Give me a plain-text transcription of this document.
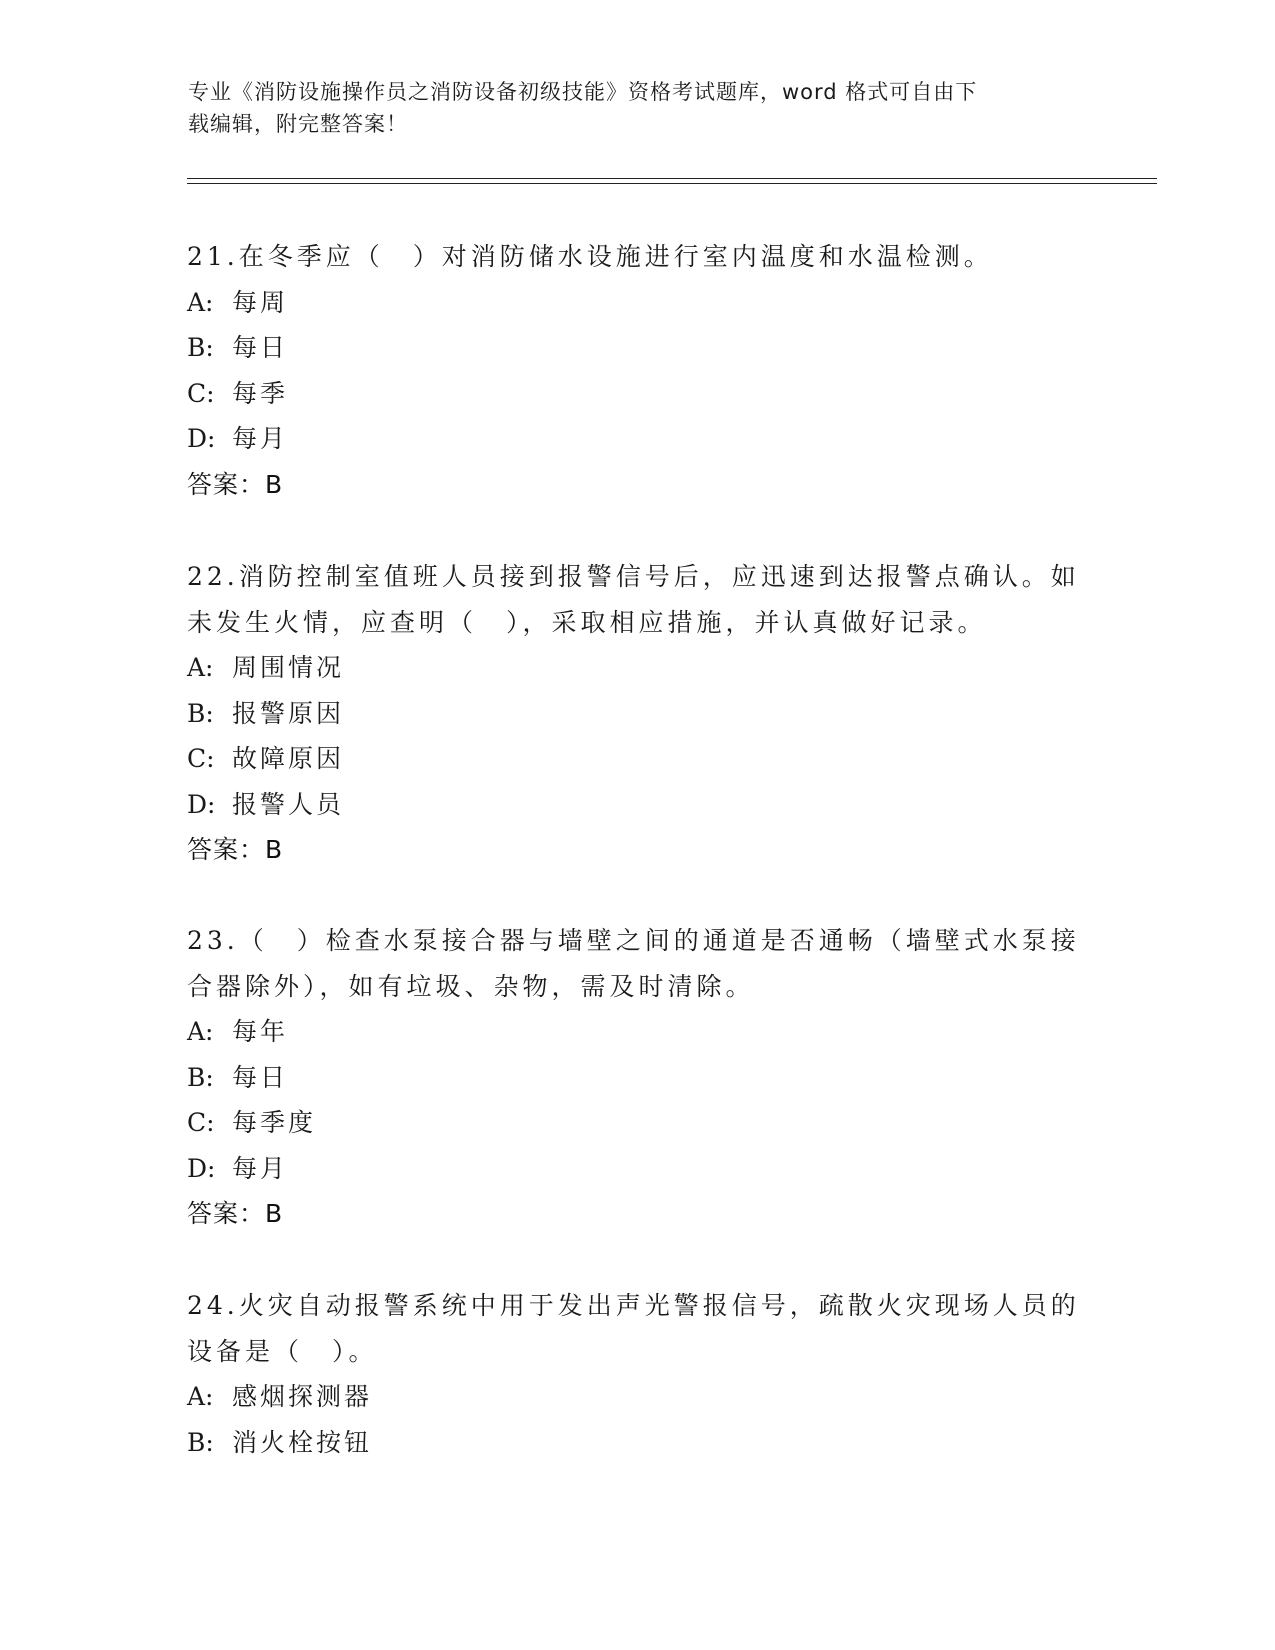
专业《消防设施操作员之消防设备初级技能》资格考试题库，word 格式可自由下
载编辑，附完整答案！
21.在冬季应（　）对消防储水设施进行室内温度和水温检测。
A: 每周
B: 每日
C: 每季
D: 每月
答案：B
22.消防控制室值班人员接到报警信号后，应迅速到达报警点确认。如
未发生火情，应查明（　），采取相应措施，并认真做好记录。
A: 周围情况
B: 报警原因
C: 故障原因
D: 报警人员
答案：B
23.（　）检查水泵接合器与墙壁之间的通道是否通畅（墙壁式水泵接
合器除外），如有垃圾、杂物，需及时清除。
A: 每年
B: 每日
C: 每季度
D: 每月
答案：B
24.火灾自动报警系统中用于发出声光警报信号，疏散火灾现场人员的
设备是（　）。
A: 感烟探测器
B: 消火栓按钮
